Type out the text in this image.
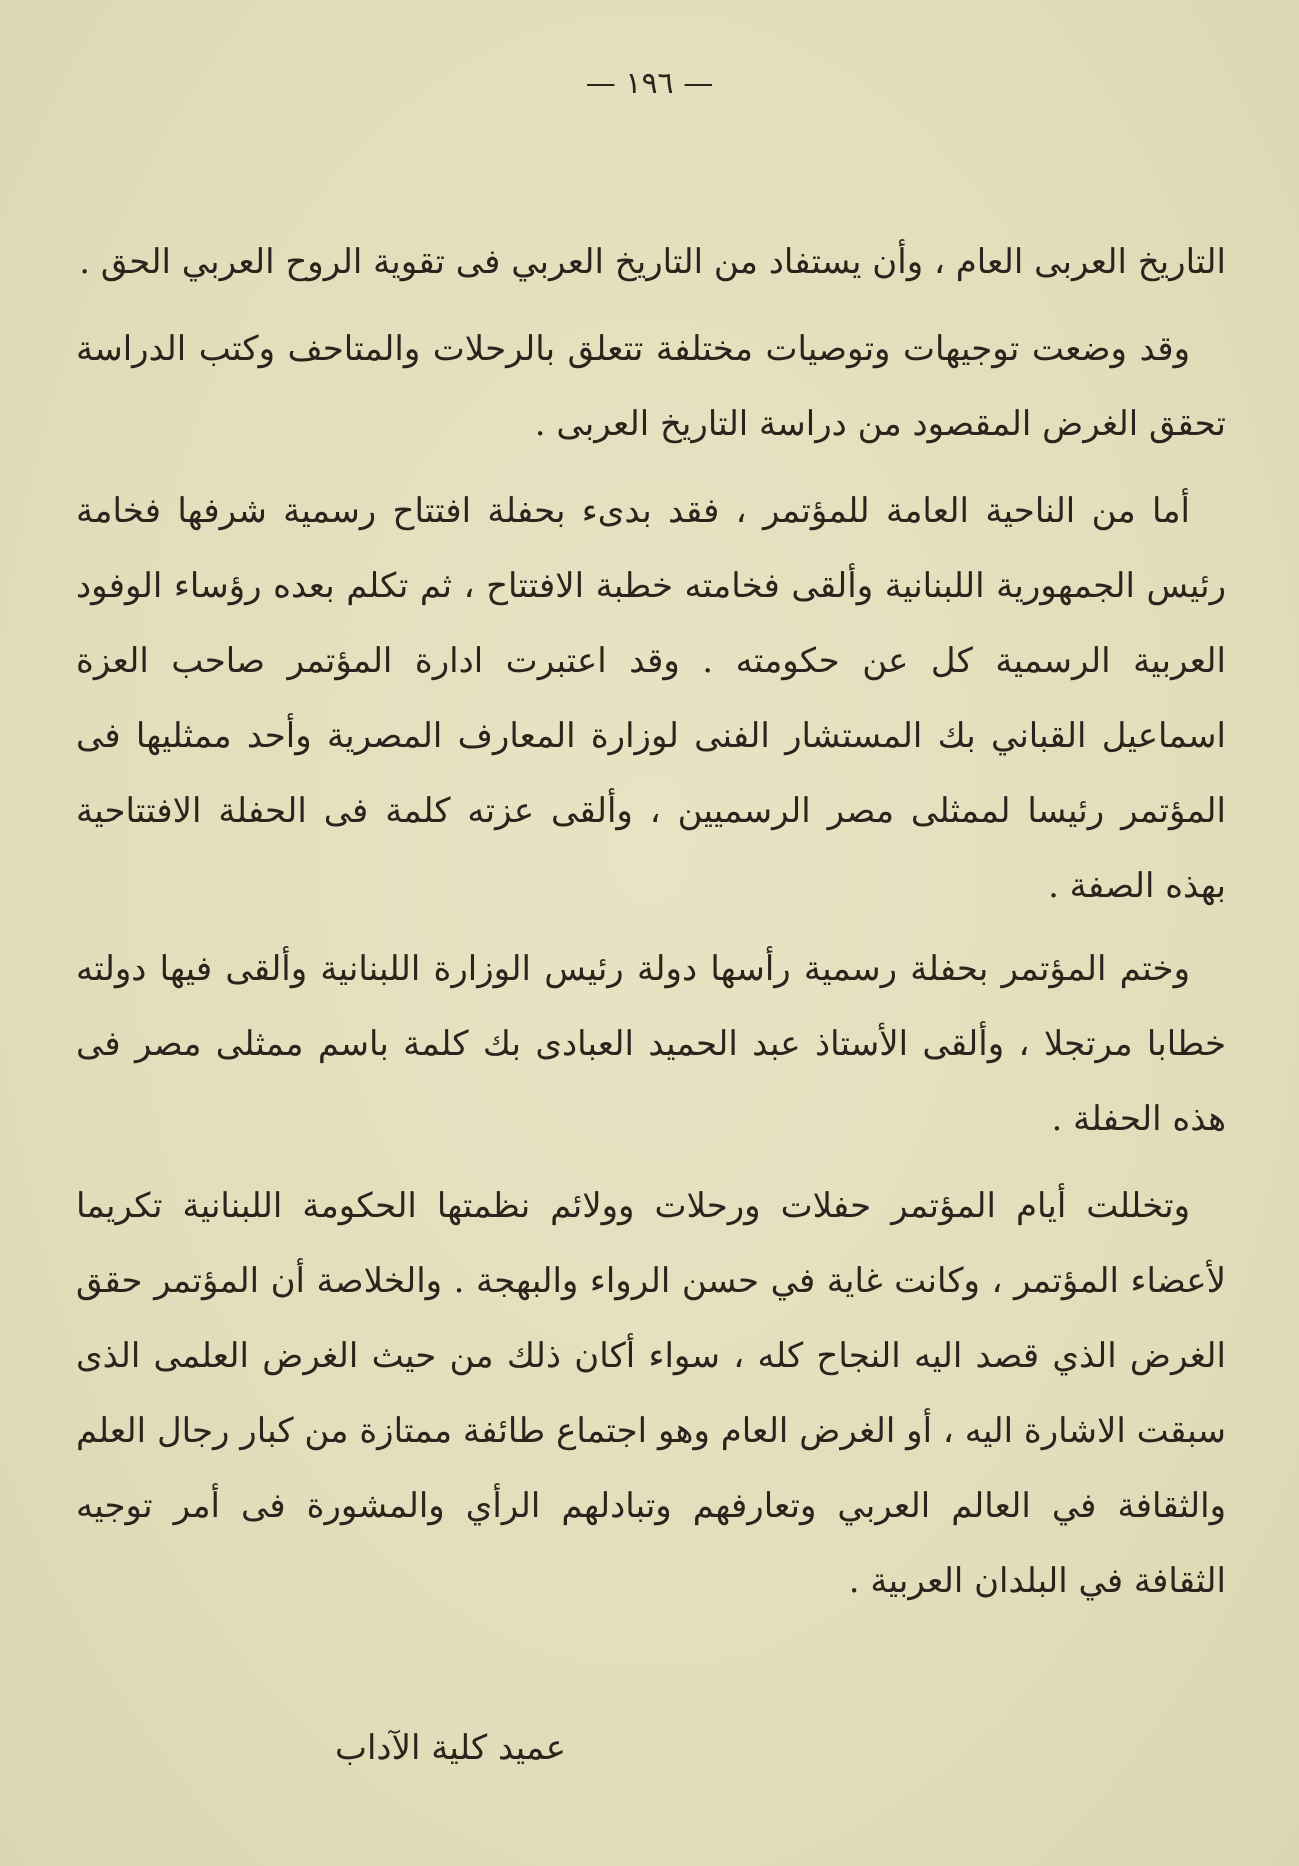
— ١٩٦ —

التاريخ العربى العام ، وأن يستفاد من التاريخ العربي فى تقوية الروح العربي الحق .

وقد وضعت توجيهات وتوصيات مختلفة تتعلق بالرحلات والمتاحف وكتب الدراسة تحقق الغرض المقصود من دراسة التاريخ العربى .

أما من الناحية العامة للمؤتمر ، فقد بدىء بحفلة افتتاح رسمية شرفها فخامة رئيس الجمهورية اللبنانية وألقى فخامته خطبة الافتتاح ، ثم تكلم بعده رؤساء الوفود العربية الرسمية كل عن حكومته . وقد اعتبرت ادارة المؤتمر صاحب العزة اسماعيل القباني بك المستشار الفنى لوزارة المعارف المصرية وأحد ممثليها فى المؤتمر رئيسا لممثلى مصر الرسميين ، وألقى عزته كلمة فى الحفلة الافتتاحية بهذه الصفة .

وختم المؤتمر بحفلة رسمية رأسها دولة رئيس الوزارة اللبنانية وألقى فيها دولته خطابا مرتجلا ، وألقى الأستاذ عبد الحميد العبادى بك كلمة باسم ممثلى مصر فى هذه الحفلة .

وتخللت أيام المؤتمر حفلات ورحلات وولائم نظمتها الحكومة اللبنانية تكريما لأعضاء المؤتمر ، وكانت غاية في حسن الرواء والبهجة . والخلاصة أن المؤتمر حقق الغرض الذي قصد اليه النجاح كله ، سواء أكان ذلك من حيث الغرض العلمى الذى سبقت الاشارة اليه ، أو الغرض العام وهو اجتماع طائفة ممتازة من كبار رجال العلم والثقافة في العالم العربي وتعارفهم وتبادلهم الرأي والمشورة فى أمر توجيه الثقافة في البلدان العربية .

عميد كلية الآداب
